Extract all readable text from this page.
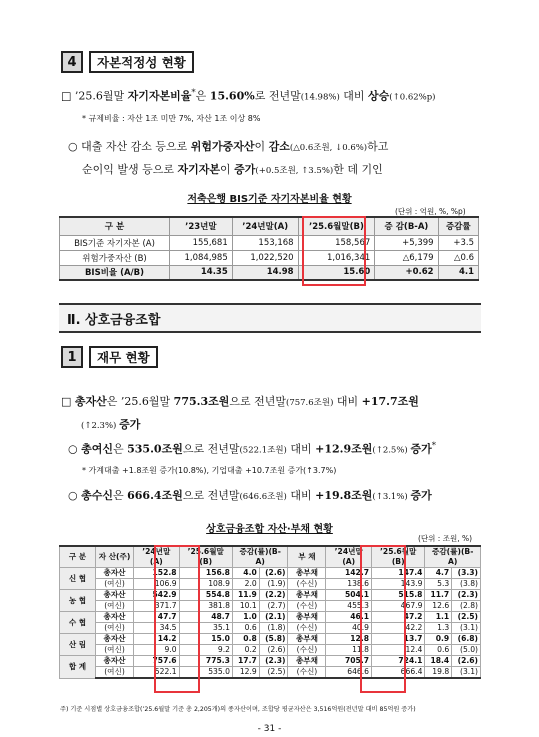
4	자본적정성 현황
□ ’25.6월말 자기자본비율*은 15.60%로 전년말(14.98%) 대비 상승(↑0.62%p)
* 규제비율 : 자산 1조 미만 7%, 자산 1조 이상 8%
○ 대출 자산 감소 등으로 위험가중자산이 감소(△0.6조원, ↓0.6%)하고
순이익 발생 등으로 자기자본이 증가(+0.5조원, ↑3.5%)한 데 기인
저축은행 BIS기준 자기자본비율 현황
(단위 : 억원, %, %p)
구 분	’23년말	’24년말(A)	’25.6월말(B)	증 감(B-A)	증감률
BIS기준 자기자본 (A)	155,681	153,168	158,567	+5,399	+3.5
위험가중자산 (B)	1,084,985	1,022,520	1,016,341	△6,179	△0.6
BIS비율 (A/B)	14.35	14.98	15.60	+0.62	4.1
Ⅱ. 상호금융조합
1	재무 현황
□ 총자산은 ’25.6월말 775.3조원으로 전년말(757.6조원) 대비 +17.7조원
(↑2.3%) 증가
○ 총여신은 535.0조원으로 전년말(522.1조원) 대비 +12.9조원(↑2.5%) 증가*
* 가계대출 +1.8조원 증가(10.8%), 기업대출 +10.7조원 증가(↑3.7%)
○ 총수신은 666.4조원으로 전년말(646.6조원) 대비 +19.8조원(↑3.1%) 증가
상호금융조합 자산·부채 현황
(단위 : 조원, %)
구 분	자 산(주)	’24년말(A)	’25.6월말(B)	증감(률)(B-A)		부 채	’24년말(A)	’25.6월말(B)	증감(률)(B-A)	
신 협	총자산	152.8	156.8	4.0	(2.6)	총부채	142.7	147.4	4.7	(3.3)
	(여신)	106.9	108.9	2.0	(1.9)	(수신)	138.6	143.9	5.3	(3.8)
농 협	총자산	542.9	554.8	11.9	(2.2)	총부채	504.1	515.8	11.7	(2.3)
	(여신)	371.7	381.8	10.1	(2.7)	(수신)	455.3	467.9	12.6	(2.8)
수 협	총자산	47.7	48.7	1.0	(2.1)	총부채	46.1	47.2	1.1	(2.5)
	(여신)	34.5	35.1	0.6	(1.8)	(수신)	40.9	42.2	1.3	(3.1)
산 림	총자산	14.2	15.0	0.8	(5.8)	총부채	12.8	13.7	0.9	(6.8)
	(여신)	9.0	9.2	0.2	(2.6)	(수신)	11.8	12.4	0.6	(5.0)
합 계	총자산	757.6	775.3	17.7	(2.3)	총부채	705.7	724.1	18.4	(2.6)
	(여신)	522.1	535.0	12.9	(2.5)	(수신)	646.6	666.4	19.8	(3.1)
주) 기준 시점별 상호금융조합(’25.6월말 기준 총 2,205개)의 종자산이며, 조합당 평균자산은 3,516억원(전년말 대비 85억원 증가)
- 31 -
